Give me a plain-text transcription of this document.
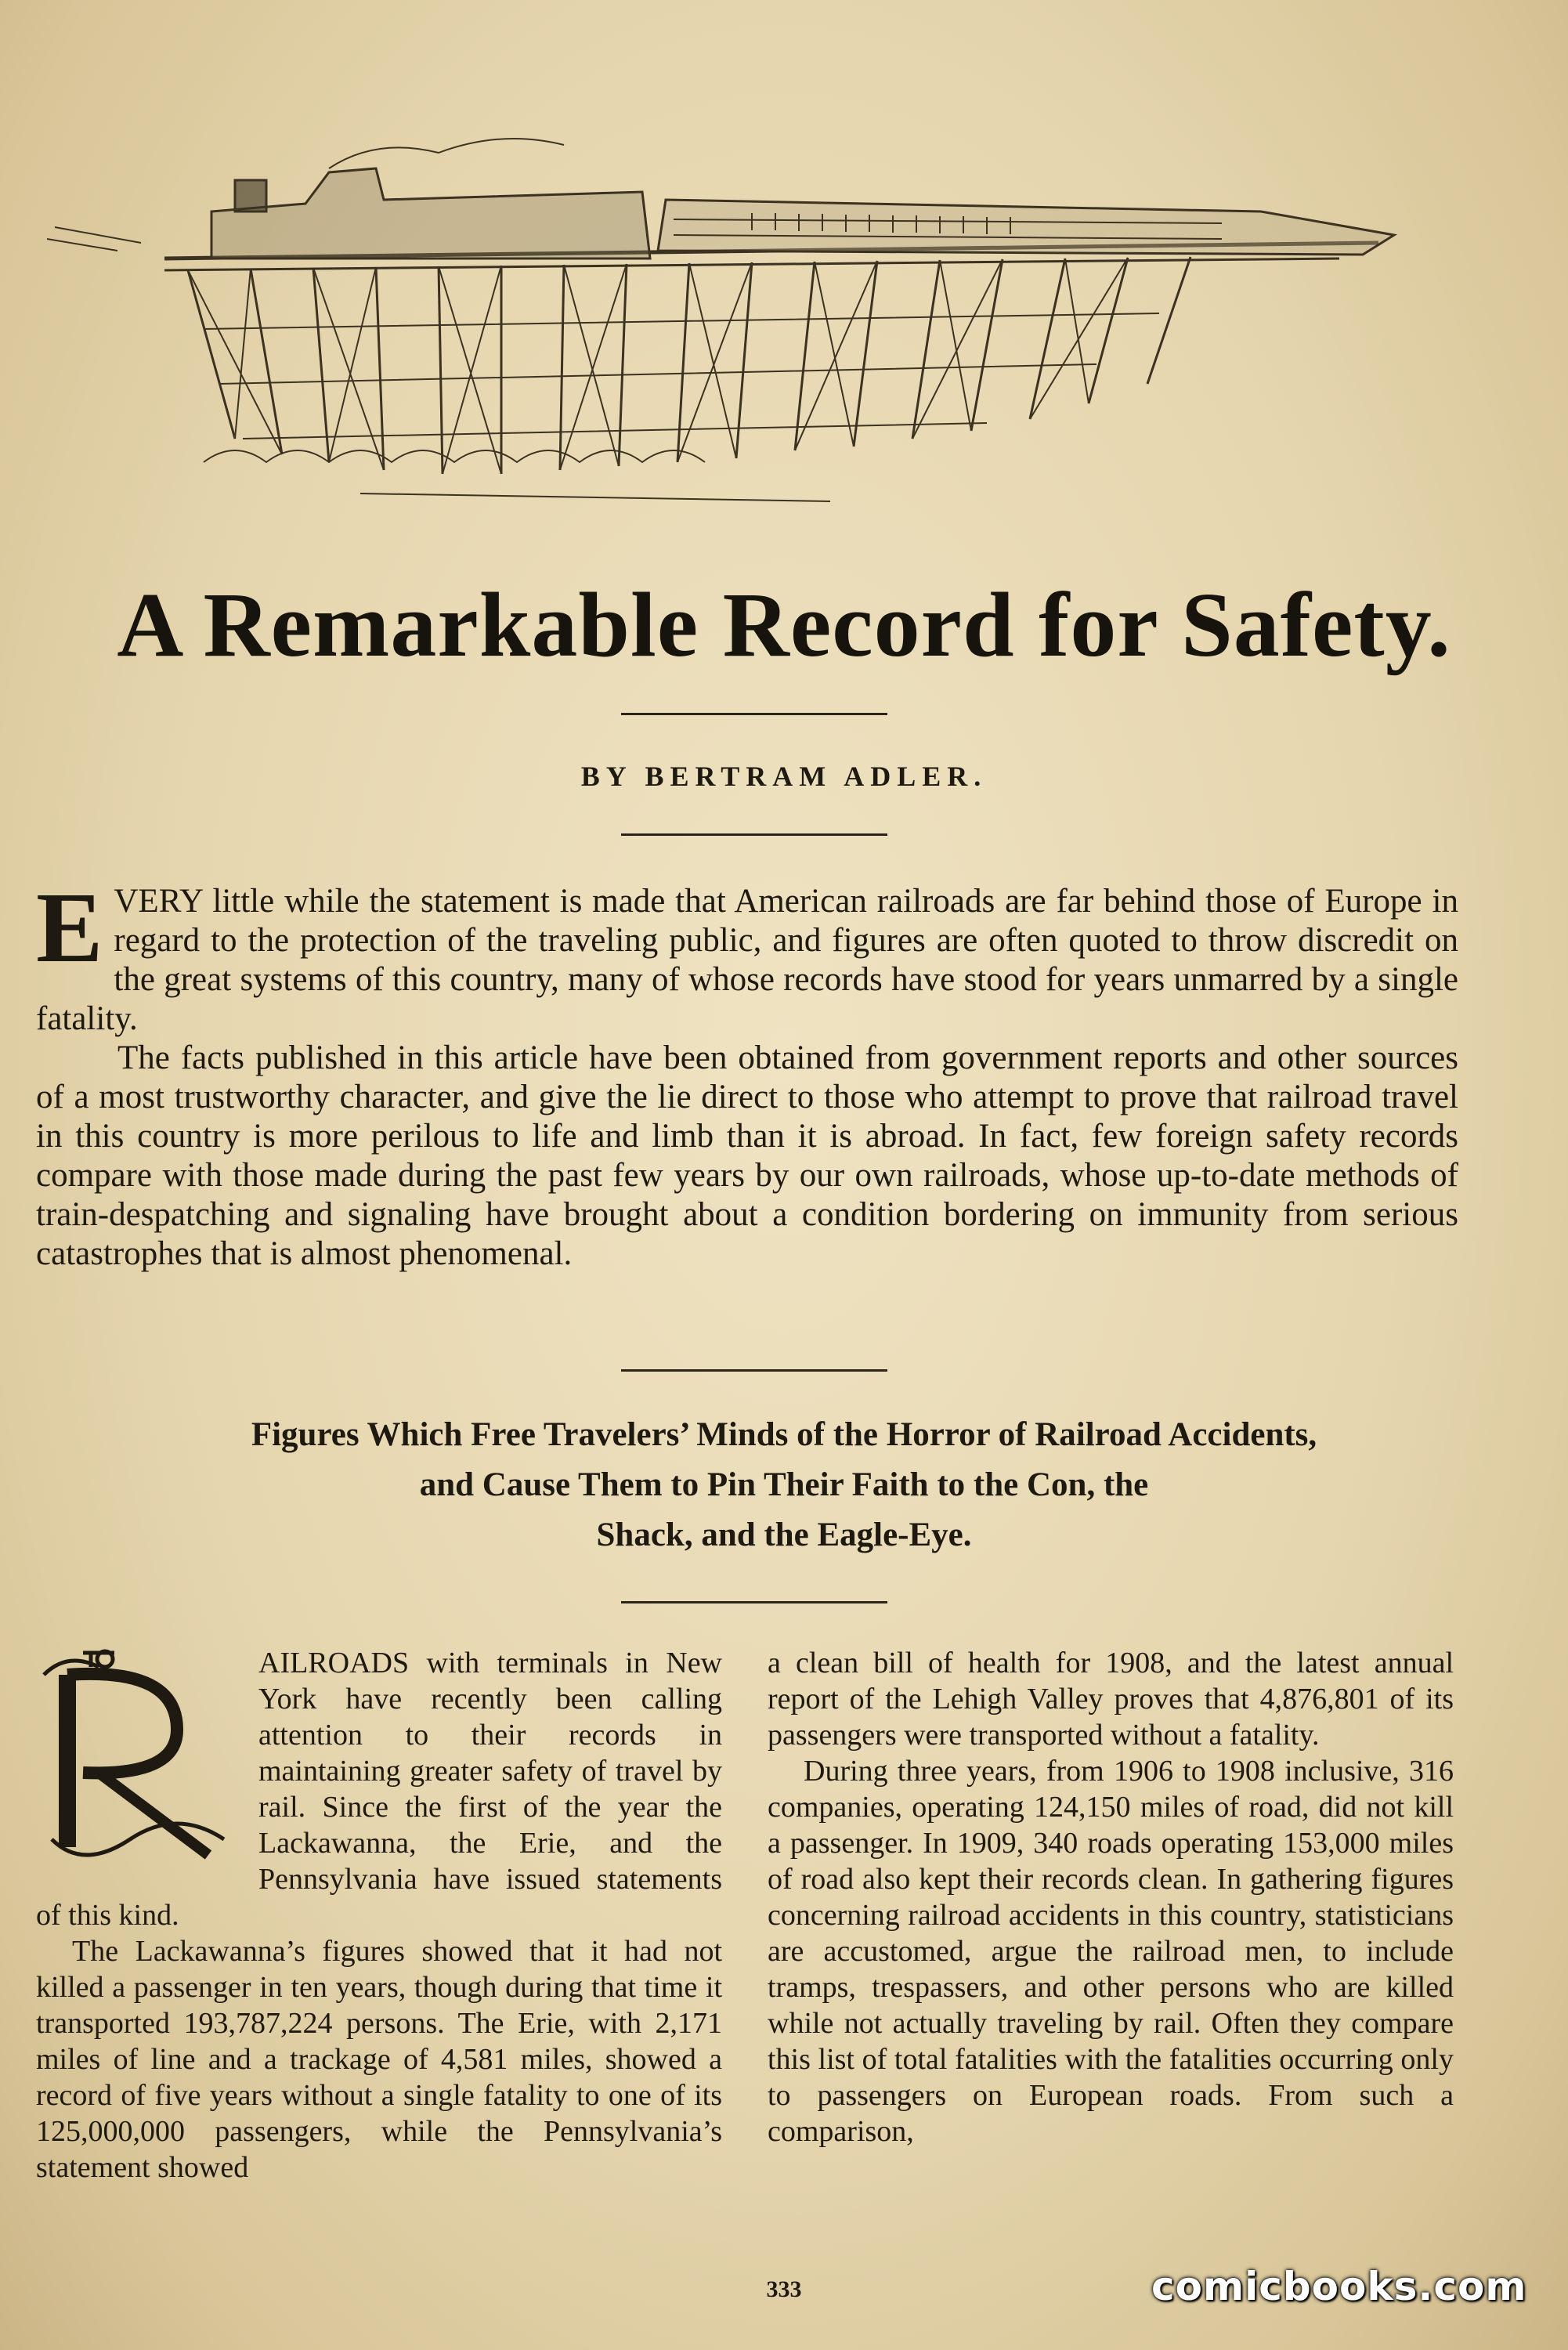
A Remarkable Record for Safety.
BY BERTRAM ADLER.

EVERY little while the statement is made that American railroads are far behind those of Europe in regard to the protection of the traveling public, and figures are often quoted to throw discredit on the great systems of this country, many of whose records have stood for years unmarred by a single fatality.

The facts published in this article have been obtained from government reports and other sources of a most trustworthy character, and give the lie direct to those who attempt to prove that railroad travel in this country is more perilous to life and limb than it is abroad. In fact, few foreign safety records compare with those made during the past few years by our own railroads, whose up-to-date methods of train-despatching and signaling have brought about a condition bordering on immunity from serious catastrophes that is almost phenomenal.

Figures Which Free Travelers’ Minds of the Horror of Railroad Accidents,
and Cause Them to Pin Their Faith to the Con, the
Shack, and the Eagle-Eye.
R

AILROADS with terminals in New York have recently been calling attention to their records in maintaining greater safety of travel by rail. Since the first of the year the Lackawanna, the Erie, and the Pennsylvania have issued statements of this kind.

The Lackawanna’s figures showed that it had not killed a passenger in ten years, though during that time it transported 193,787,224 persons. The Erie, with 2,171 miles of line and a trackage of 4,581 miles, showed a record of five years without a single fatality to one of its 125,000,000 passengers, while the Pennsylvania’s statement showed

a clean bill of health for 1908, and the latest annual report of the Lehigh Valley proves that 4,876,801 of its passengers were transported without a fatality.

During three years, from 1906 to 1908 inclusive, 316 companies, operating 124,150 miles of road, did not kill a passenger. In 1909, 340 roads operating 153,000 miles of road also kept their records clean. In gathering figures concerning railroad accidents in this country, statisticians are accustomed, argue the railroad men, to include tramps, trespassers, and other persons who are killed while not actually traveling by rail. Often they compare this list of total fatalities with the fatalities occurring only to passengers on European roads. From such a comparison,

333	comicbooks.com
